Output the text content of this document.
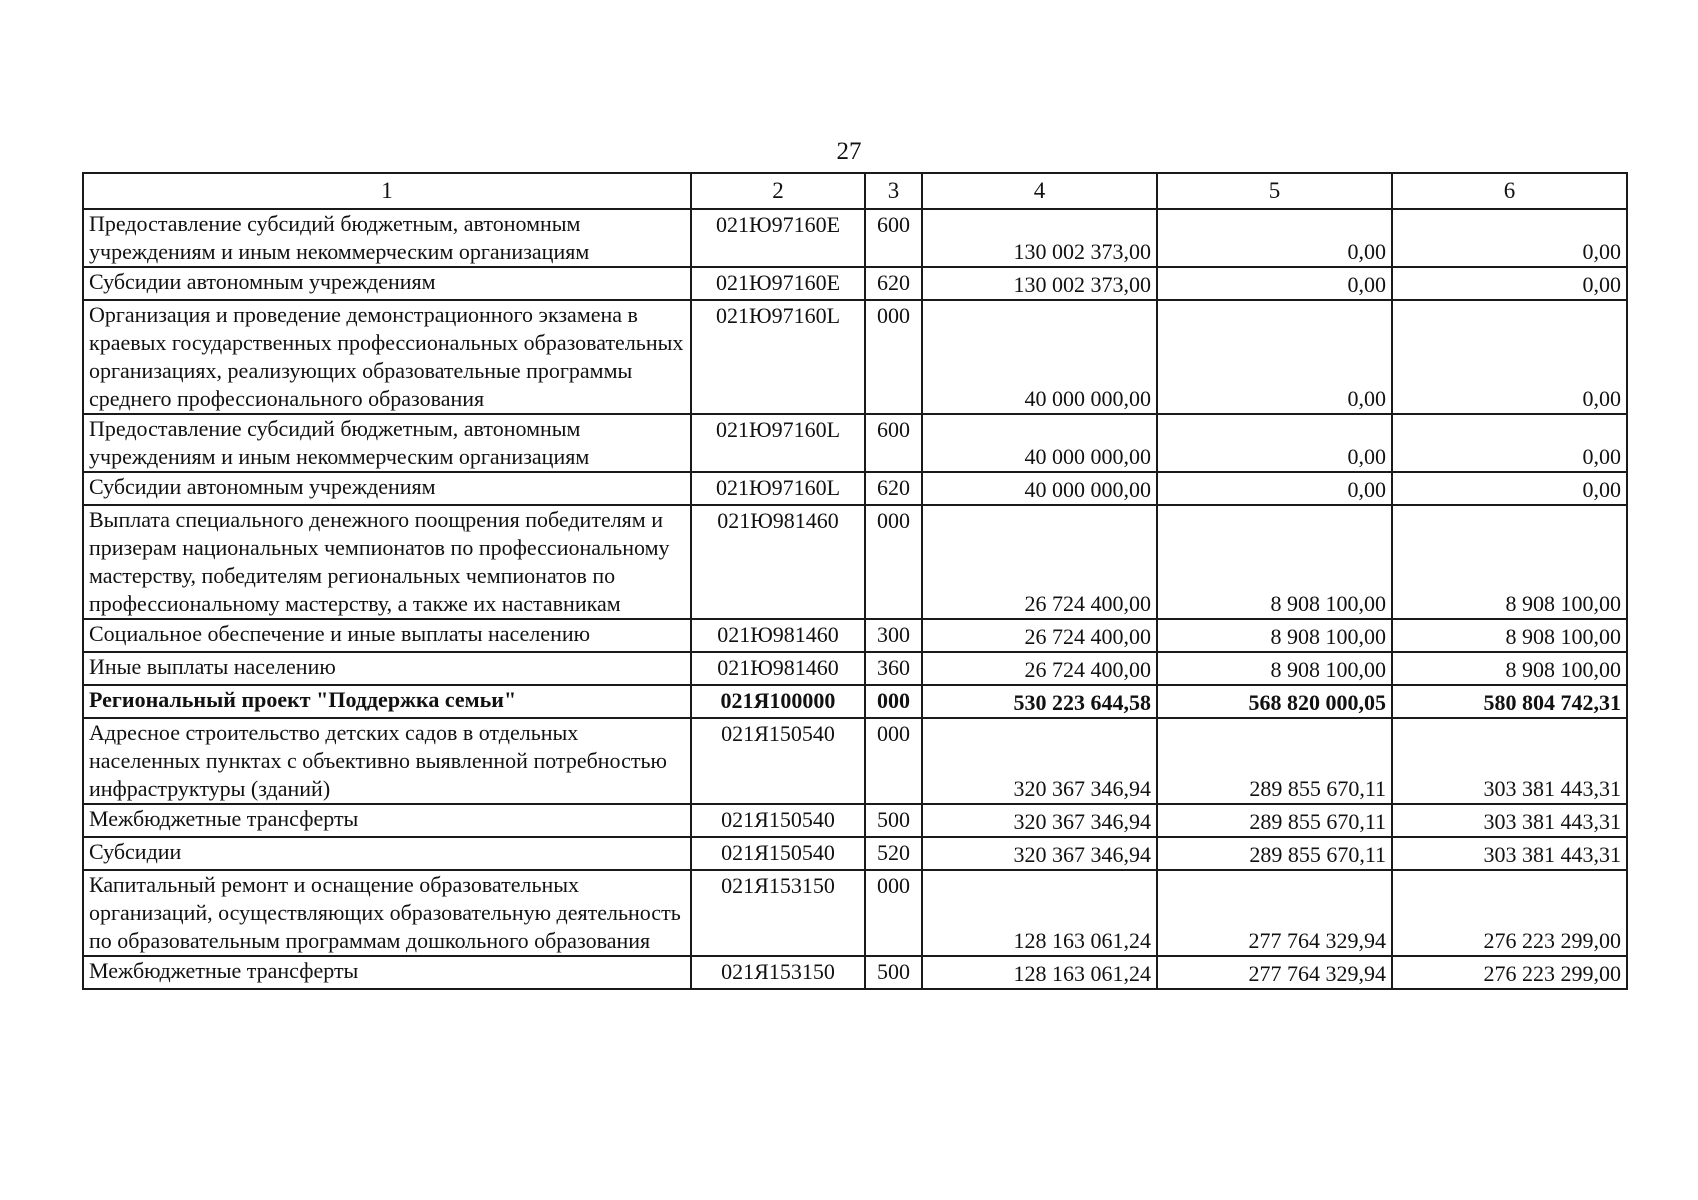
27
1	2	3	4	5	6
Предоставление субсидий бюджетным, автономным учреждениям и иным некоммерческим организациям	021Ю97160Е	600	130 002 373,00	0,00	0,00
Субсидии автономным учреждениям	021Ю97160Е	620	130 002 373,00	0,00	0,00
Организация и проведение демонстрационного экзамена в краевых государственных профессиональных образовательных организациях, реализующих образовательные программы среднего профессионального образования	021Ю97160L	000	40 000 000,00	0,00	0,00
Предоставление субсидий бюджетным, автономным учреждениям и иным некоммерческим организациям	021Ю97160L	600	40 000 000,00	0,00	0,00
Субсидии автономным учреждениям	021Ю97160L	620	40 000 000,00	0,00	0,00
Выплата специального денежного поощрения победителям и призерам национальных чемпионатов по профессиональному мастерству, победителям региональных чемпионатов по профессиональному мастерству, а также их наставникам	021Ю981460	000	26 724 400,00	8 908 100,00	8 908 100,00
Социальное обеспечение и иные выплаты населению	021Ю981460	300	26 724 400,00	8 908 100,00	8 908 100,00
Иные выплаты населению	021Ю981460	360	26 724 400,00	8 908 100,00	8 908 100,00
Региональный проект "Поддержка семьи"	021Я100000	000	530 223 644,58	568 820 000,05	580 804 742,31
Адресное строительство детских садов в отдельных населенных пунктах с объективно выявленной потребностью инфраструктуры (зданий)	021Я150540	000	320 367 346,94	289 855 670,11	303 381 443,31
Межбюджетные трансферты	021Я150540	500	320 367 346,94	289 855 670,11	303 381 443,31
Субсидии	021Я150540	520	320 367 346,94	289 855 670,11	303 381 443,31
Капитальный ремонт и оснащение образовательных организаций, осуществляющих образовательную деятельность по образовательным программам дошкольного образования	021Я153150	000	128 163 061,24	277 764 329,94	276 223 299,00
Межбюджетные трансферты	021Я153150	500	128 163 061,24	277 764 329,94	276 223 299,00
